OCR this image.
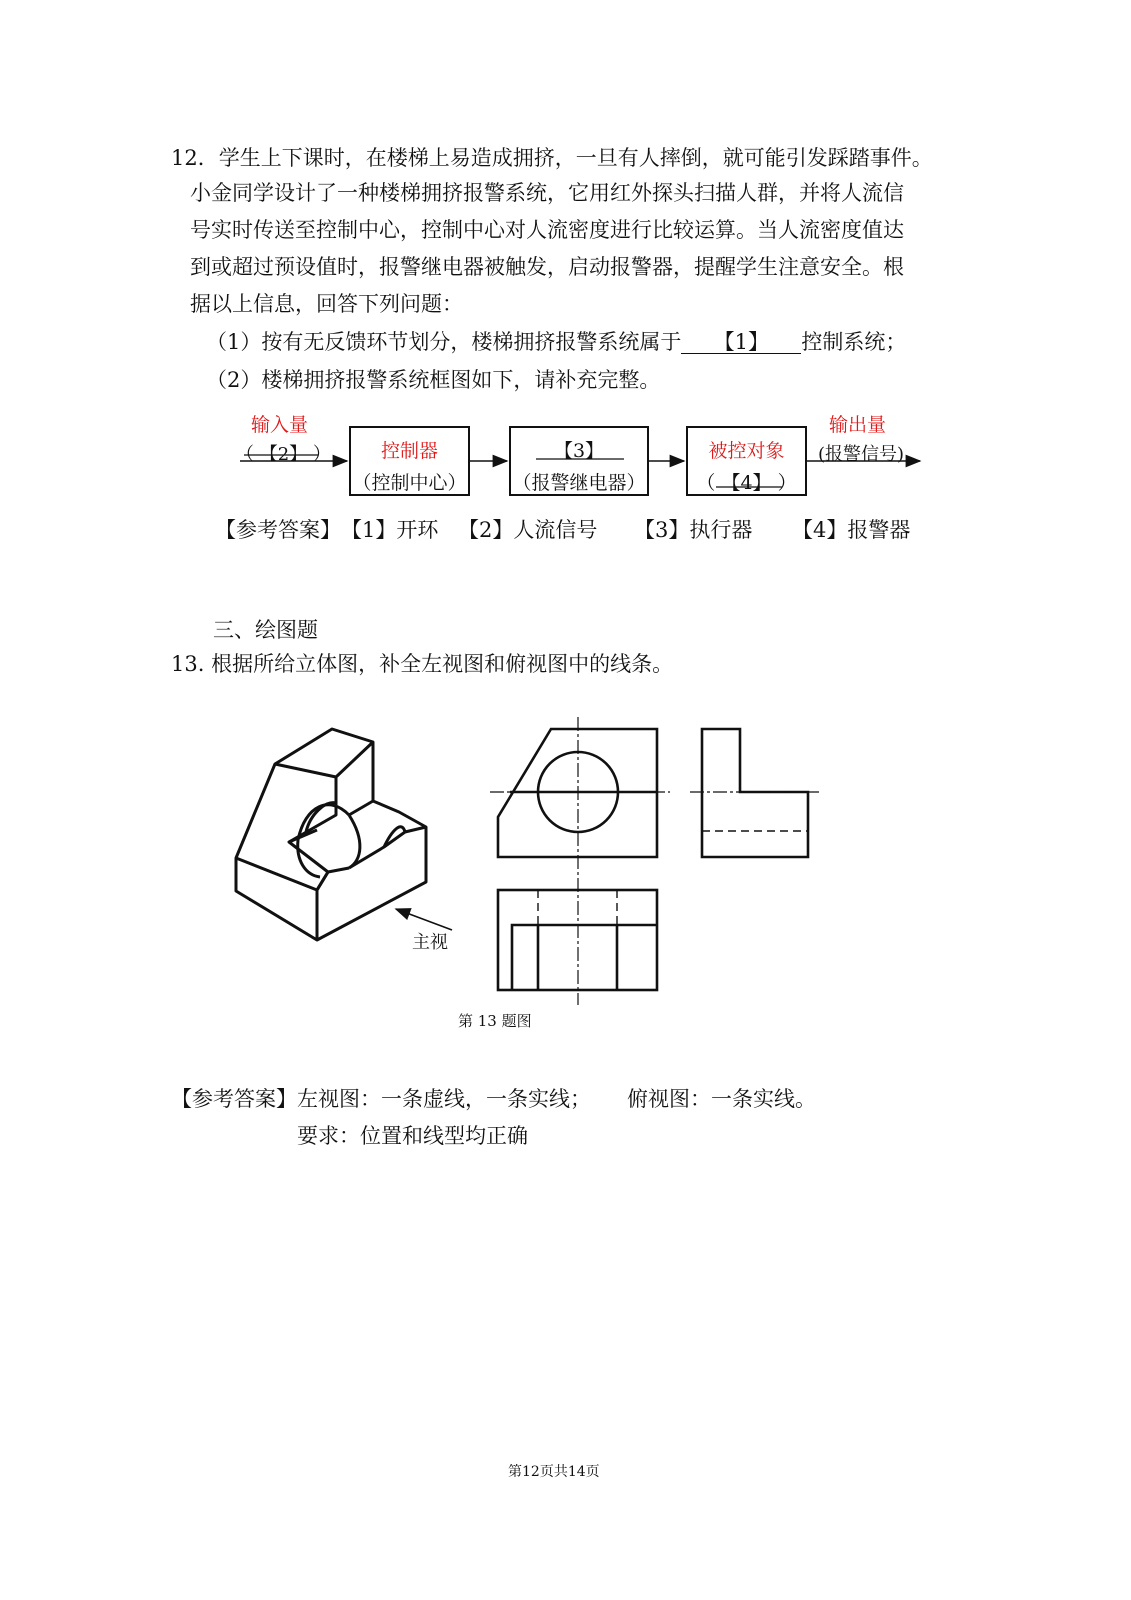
12．学生上下课时，在楼梯上易造成拥挤，一旦有人摔倒，就可能引发踩踏事件。
小金同学设计了一种楼梯拥挤报警系统，它用红外探头扫描人群，并将人流信
号实时传送至控制中心，控制中心对人流密度进行比较运算。当人流密度值达
到或超过预设值时，报警继电器被触发，启动报警器，提醒学生注意安全。根
据以上信息，回答下列问题：
（1）按有无反馈环节划分，楼梯拥挤报警系统属于 【1】 控制系统；
（2）楼梯拥挤报警系统框图如下，请补充完整。
输入量
（ 【2】 ）	控制器
（控制中心）
【3】
（报警继电器）
被控对象
（ 【4】 ）
输出量
(报警信号)
【参考答案】 【1】开环 【2】人流信号 【3】执行器 【4】报警器
三、绘图题
13. 根据所给立体图，补全左视图和俯视图中的线条。
主视
第 13 题图
【参考答案】左视图：一条虚线，一条实线； 俯视图：一条实线。
要求：位置和线型均正确
第12页共14页
